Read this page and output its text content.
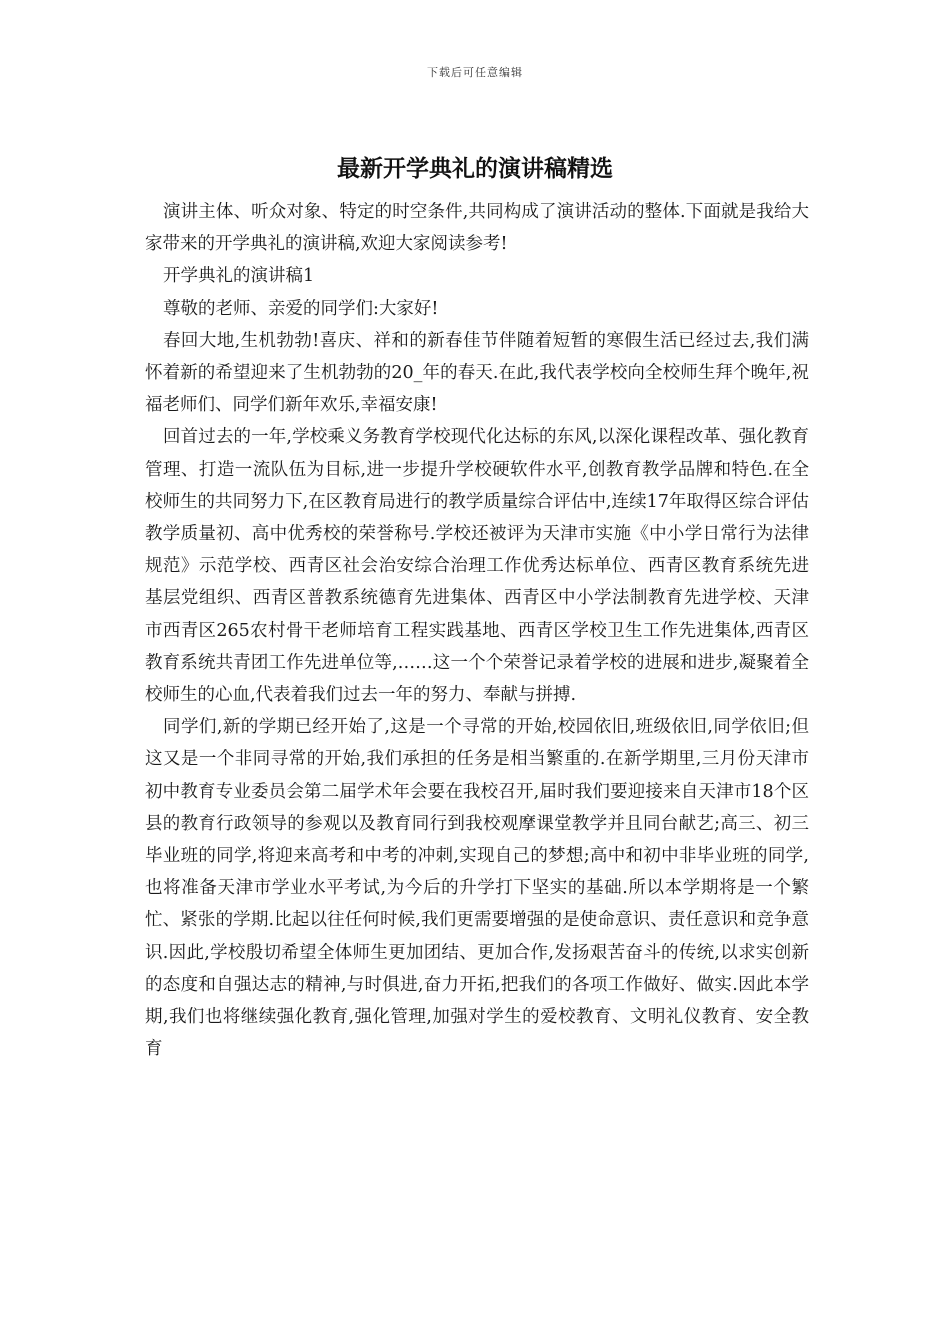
下载后可任意编辑
最新开学典礼的演讲稿精选

演讲主体、听众对象、特定的时空条件,共同构成了演讲活动的整体.下面就是我给大家带来的开学典礼的演讲稿,欢迎大家阅读参考!

开学典礼的演讲稿1

尊敬的老师、亲爱的同学们:大家好!

春回大地,生机勃勃!喜庆、祥和的新春佳节伴随着短暂的寒假生活已经过去,我们满怀着新的希望迎来了生机勃勃的20_年的春天.在此,我代表学校向全校师生拜个晚年,祝福老师们、同学们新年欢乐,幸福安康!

回首过去的一年,学校乘义务教育学校现代化达标的东风,以深化课程改革、强化教育管理、打造一流队伍为目标,进一步提升学校硬软件水平,创教育教学品牌和特色.在全校师生的共同努力下,在区教育局进行的教学质量综合评估中,连续17年取得区综合评估教学质量初、高中优秀校的荣誉称号.学校还被评为天津市实施《中小学日常行为法律规范》示范学校、西青区社会治安综合治理工作优秀达标单位、西青区教育系统先进基层党组织、西青区普教系统德育先进集体、西青区中小学法制教育先进学校、天津市西青区265农村骨干老师培育工程实践基地、西青区学校卫生工作先进集体,西青区教育系统共青团工作先进单位等,……这一个个荣誉记录着学校的进展和进步,凝聚着全校师生的心血,代表着我们过去一年的努力、奉献与拼搏.

同学们,新的学期已经开始了,这是一个寻常的开始,校园依旧,班级依旧,同学依旧;但这又是一个非同寻常的开始,我们承担的任务是相当繁重的.在新学期里,三月份天津市初中教育专业委员会第二届学术年会要在我校召开,届时我们要迎接来自天津市18个区县的教育行政领导的参观以及教育同行到我校观摩课堂教学并且同台献艺;高三、初三毕业班的同学,将迎来高考和中考的冲刺,实现自己的梦想;高中和初中非毕业班的同学,也将准备天津市学业水平考试,为今后的升学打下坚实的基础.所以本学期将是一个繁忙、紧张的学期.比起以往任何时候,我们更需要增强的是使命意识、责任意识和竞争意识.因此,学校殷切希望全体师生更加团结、更加合作,发扬艰苦奋斗的传统,以求实创新的态度和自强达志的精神,与时俱进,奋力开拓,把我们的各项工作做好、做实.因此本学期,我们也将继续强化教育,强化管理,加强对学生的爱校教育、文明礼仪教育、安全教育
